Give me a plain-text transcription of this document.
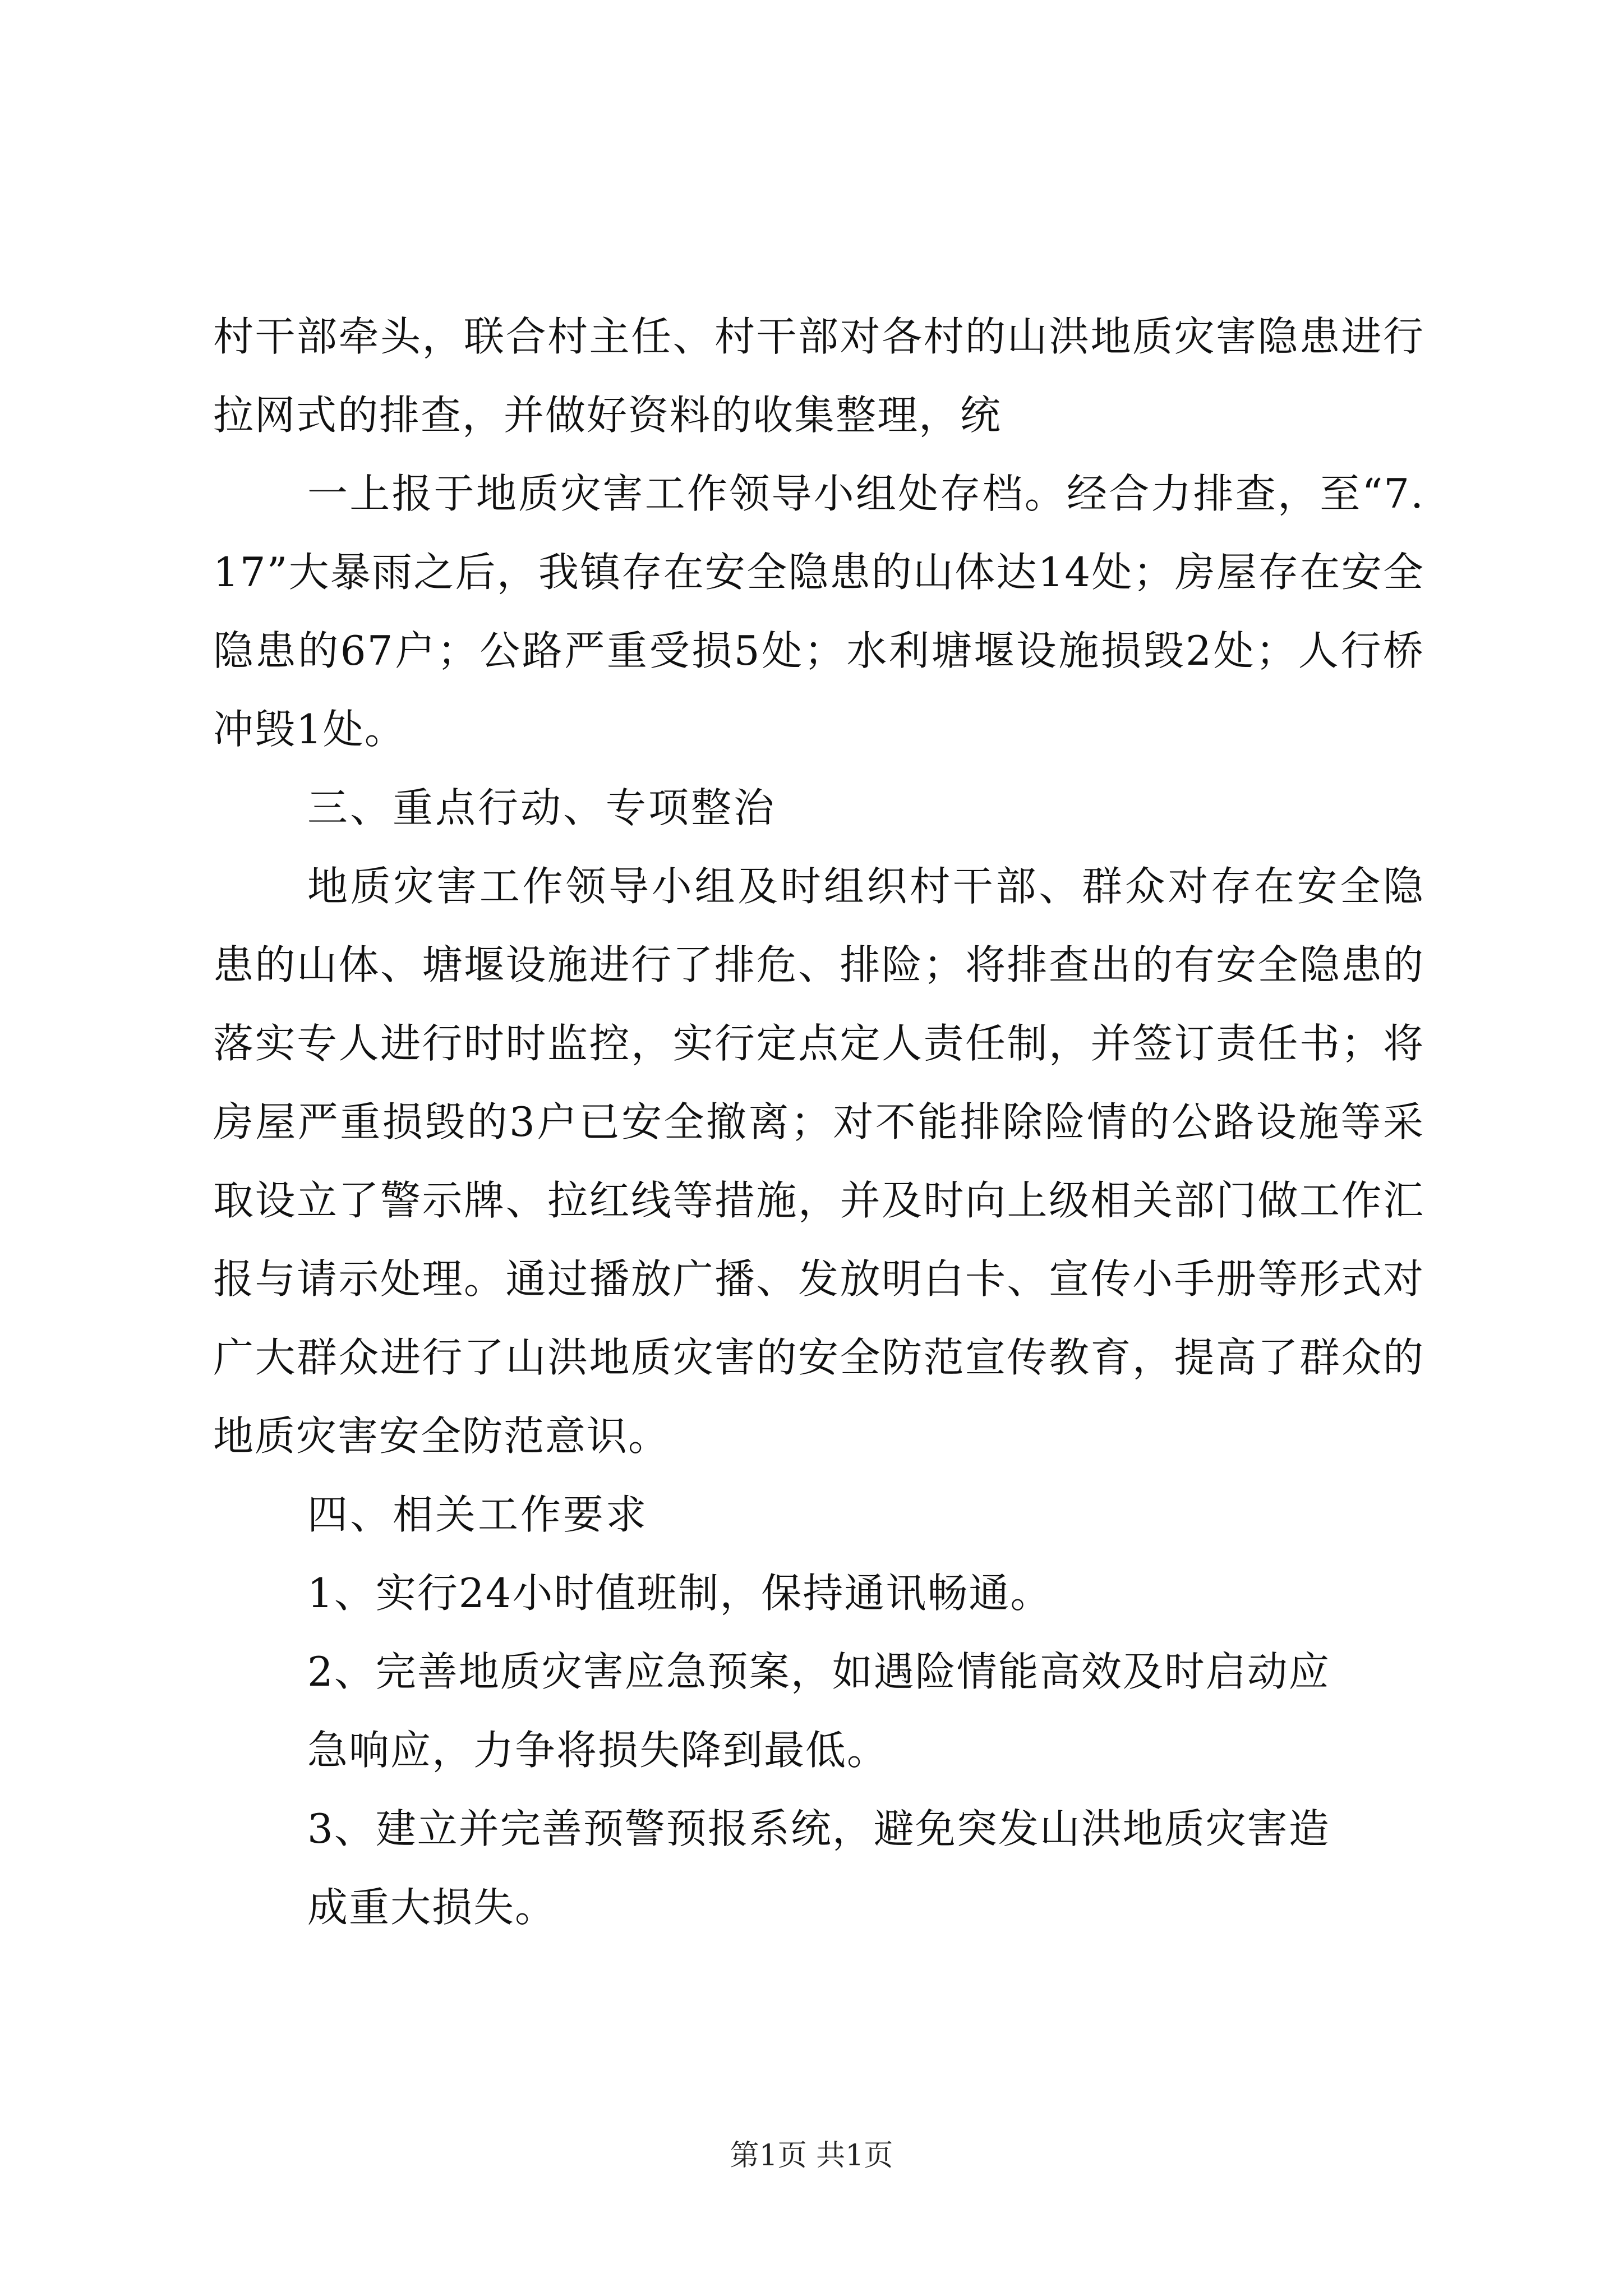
村干部牵头，联合村主任、村干部对各村的山洪地质灾害隐患进行拉网式的排查，并做好资料的收集整理，统

一上报于地质灾害工作领导小组处存档。经合力排查，至“7.17”大暴雨之后，我镇存在安全隐患的山体达14处；房屋存在安全隐患的67户；公路严重受损5处；水利塘堰设施损毁2处；人行桥冲毁1处。

三、重点行动、专项整治

地质灾害工作领导小组及时组织村干部、群众对存在安全隐患的山体、塘堰设施进行了排危、排险；将排查出的有安全隐患的落实专人进行时时监控，实行定点定人责任制，并签订责任书；将房屋严重损毁的3户已安全撤离；对不能排除险情的公路设施等采取设立了警示牌、拉红线等措施，并及时向上级相关部门做工作汇报与请示处理。通过播放广播、发放明白卡、宣传小手册等形式对广大群众进行了山洪地质灾害的安全防范宣传教育，提高了群众的地质灾害安全防范意识。

四、相关工作要求

1、实行24小时值班制，保持通讯畅通。

2、完善地质灾害应急预案，如遇险情能高效及时启动应急响应，力争将损失降到最低。

3、建立并完善预警预报系统，避免突发山洪地质灾害造成重大损失。

第1页 共1页
